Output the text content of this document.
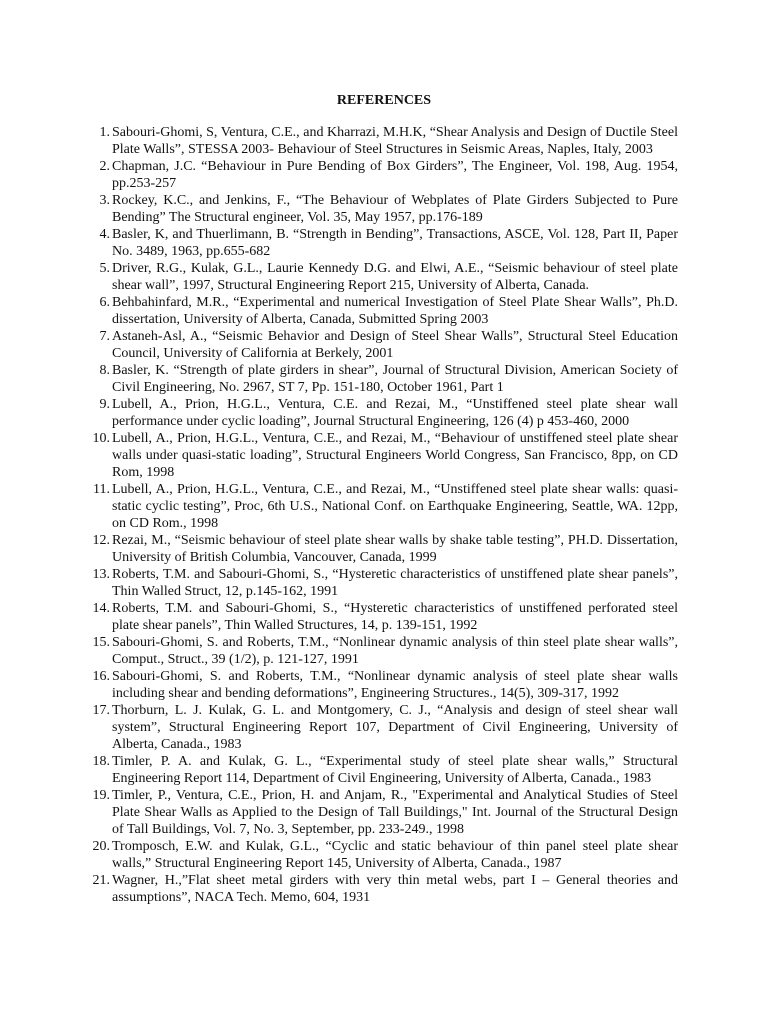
REFERENCES
1. Sabouri-Ghomi, S, Ventura, C.E., and Kharrazi, M.H.K, “Shear Analysis and Design of Ductile Steel Plate Walls”, STESSA 2003- Behaviour of Steel Structures in Seismic Areas, Naples, Italy, 2003
2. Chapman, J.C. “Behaviour in Pure Bending of Box Girders”, The Engineer, Vol. 198, Aug. 1954, pp.253-257
3. Rockey, K.C., and Jenkins, F., “The Behaviour of Webplates of Plate Girders Subjected to Pure Bending” The Structural engineer, Vol. 35, May 1957, pp.176-189
4. Basler, K, and Thuerlimann, B. “Strength in Bending”, Transactions, ASCE, Vol. 128, Part II, Paper No. 3489, 1963, pp.655-682
5. Driver, R.G., Kulak, G.L., Laurie Kennedy D.G. and Elwi, A.E., “Seismic behaviour of steel plate shear wall”, 1997, Structural Engineering Report 215, University of Alberta, Canada.
6. Behbahinfard, M.R., “Experimental and numerical Investigation of Steel Plate Shear Walls”, Ph.D. dissertation, University of Alberta, Canada, Submitted Spring 2003
7. Astaneh-Asl, A., “Seismic Behavior and Design of Steel Shear Walls”, Structural Steel Education Council, University of California at Berkely, 2001
8. Basler, K. “Strength of plate girders in shear”, Journal of Structural Division, American Society of Civil Engineering, No. 2967, ST 7, Pp. 151-180, October 1961, Part 1
9. Lubell, A., Prion, H.G.L., Ventura, C.E. and Rezai, M., “Unstiffened steel plate shear wall performance under cyclic loading”, Journal Structural Engineering, 126 (4) p 453-460, 2000
10. Lubell, A., Prion, H.G.L., Ventura, C.E., and Rezai, M., “Behaviour of unstiffened steel plate shear walls under quasi-static loading”, Structural Engineers World Congress, San Francisco, 8pp, on CD Rom, 1998
11. Lubell, A., Prion, H.G.L., Ventura, C.E., and Rezai, M., “Unstiffened steel plate shear walls: quasi-static cyclic testing”, Proc, 6th U.S., National Conf. on Earthquake Engineering, Seattle, WA. 12pp, on CD Rom., 1998
12. Rezai, M., “Seismic behaviour of steel plate shear walls by shake table testing”, PH.D. Dissertation, University of British Columbia, Vancouver, Canada, 1999
13. Roberts, T.M. and Sabouri-Ghomi, S., “Hysteretic characteristics of unstiffened plate shear panels”, Thin Walled Struct, 12, p.145-162, 1991
14. Roberts, T.M. and Sabouri-Ghomi, S., “Hysteretic characteristics of unstiffened perforated steel plate shear panels”, Thin Walled Structures, 14, p. 139-151, 1992
15. Sabouri-Ghomi, S. and Roberts, T.M., “Nonlinear dynamic analysis of thin steel plate shear walls”, Comput., Struct., 39 (1/2), p. 121-127, 1991
16. Sabouri-Ghomi, S. and Roberts, T.M., “Nonlinear dynamic analysis of steel plate shear walls including shear and bending deformations”, Engineering Structures., 14(5), 309-317, 1992
17. Thorburn, L. J. Kulak, G. L. and Montgomery, C. J., “Analysis and design of steel shear wall system”, Structural Engineering Report 107, Department of Civil Engineering, University of Alberta, Canada., 1983
18. Timler, P. A. and Kulak, G. L., “Experimental study of steel plate shear walls,” Structural Engineering Report 114, Department of Civil Engineering, University of Alberta, Canada., 1983
19. Timler, P., Ventura, C.E., Prion, H. and Anjam, R., "Experimental and Analytical Studies of Steel Plate Shear Walls as Applied to the Design of Tall Buildings," Int. Journal of the Structural Design of Tall Buildings, Vol. 7, No. 3, September, pp. 233-249., 1998
20. Tromposch, E.W. and Kulak, G.L., “Cyclic and static behaviour of thin panel steel plate shear walls,” Structural Engineering Report 145, University of Alberta, Canada., 1987
21. Wagner, H.,”Flat sheet metal girders with very thin metal webs, part I – General theories and assumptions”, NACA Tech. Memo, 604, 1931
